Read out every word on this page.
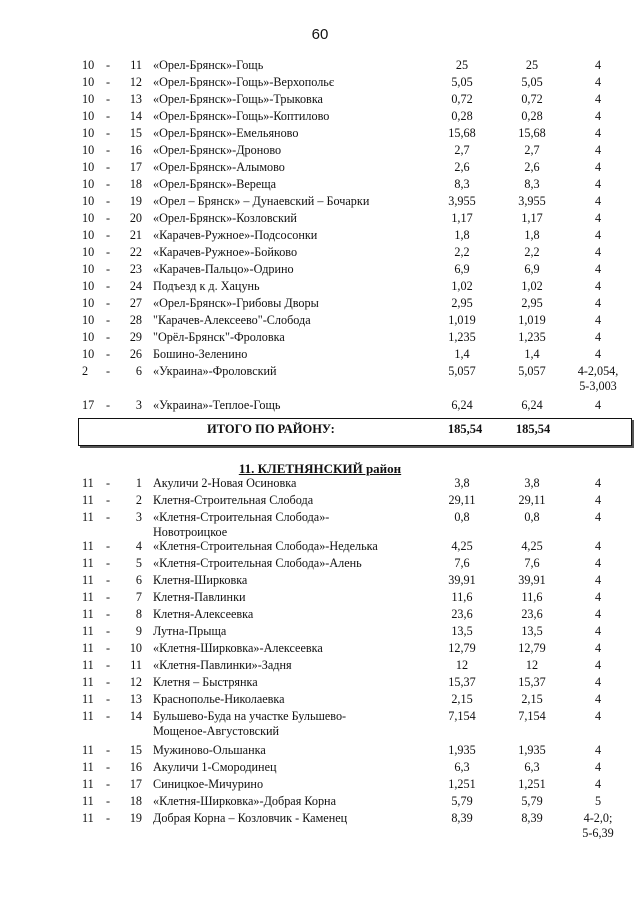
60
10 -	11 «Орел-Брянск»-Гощь	25	25	4
10 -	12 «Орел-Брянск»-Гощь»-Верхопольє	5,05	5,05	4
10 -	13 «Орел-Брянск»-Гощь»-Трыковка	0,72	0,72	4
10 -	14 «Орел-Брянск»-Гощь»-Коптилово	0,28	0,28	4
10 -	15 «Орел-Брянск»-Емельяново	15,68	15,68	4
10 -	16 «Орел-Брянск»-Дроново	2,7	2,7	4
10 -	17 «Орел-Брянск»-Алымово	2,6	2,6	4
10 -	18 «Орел-Брянск»-Вереща	8,3	8,3	4
10 -	19 «Орел – Брянск» – Дунаевский – Бочарки	3,955	3,955	4
10 -	20 «Орел-Брянск»-Козловский	1,17	1,17	4
10 -	21 «Карачев-Ружное»-Подсосонки	1,8	1,8	4
10 -	22 «Карачев-Ружное»-Бойково	2,2	2,2	4
10 -	23 «Карачев-Пальцо»-Одрино	6,9	6,9	4
10 -	24 Подъезд к д. Хацунь	1,02	1,02	4
10 -	27 «Орел-Брянск»-Грибовы Дворы	2,95	2,95	4
10 -	28 "Карачев-Алексеево"-Слобода	1,019	1,019	4
10 -	29 "Орёл-Брянск"-Фроловка	1,235	1,235	4
10 -	26 Бошино-Зеленино	1,4	1,4	4
2	-	6 «Украина»-Фроловский	5,057	5,057	4-2,054,
5-3,003
17 -	3 «Украина»-Теплое-Гощь	6,24	6,24	4
ИТОГО ПО РАЙОНУ:	185,54	185,54
11. КЛЕТНЯНСКИЙ район
11	-	1 Акуличи 2-Новая Осиновка	3,8	3,8	4
11	-	2 Клетня-Строительная Слобода	29,11	29,11	4
11	-	3 «Клетня-Строительная Слобода»-
Новотроицкое
0,8	0,8	4
11	-	4 «Клетня-Строительная Слобода»-Неделька	4,25	4,25	4
11	-	5 «Клетня-Строительная Слобода»-Алень	7,6	7,6	4
11	-	6 Клетня-Ширковка	39,91	39,91	4
11	-	7 Клетня-Павлинки	11,6	11,6	4
11	-	8 Клетня-Алексеевка	23,6	23,6	4
11	-	9 Лутна-Прыща	13,5	13,5	4
11	-	10 «Клетня-Ширковка»-Алексеевка	12,79	12,79	4
11	-	11 «Клетня-Павлинки»-Задня	12	12	4
11	-	12 Клетня – Быстрянка	15,37	15,37	4
11	-	13 Краснополье-Николаевка	2,15	2,15	4
11	-	14 Бульшево-Буда на участке Бульшево-
Мощеное-Августовский
7,154	7,154	4
11	-	15 Мужиново-Ольшанка	1,935	1,935	4
11	-	16 Акуличи 1-Смородинец	6,3	6,3	4
11	-	17 Синицкое-Мичурино	1,251	1,251	4
11	-	18 «Клетня-Ширковка»-Добрая Корна	5,79	5,79	5
11	-	19 Добрая Корна – Козловчик - Каменец	8,39	8,39	4-2,0;
5-6,39
